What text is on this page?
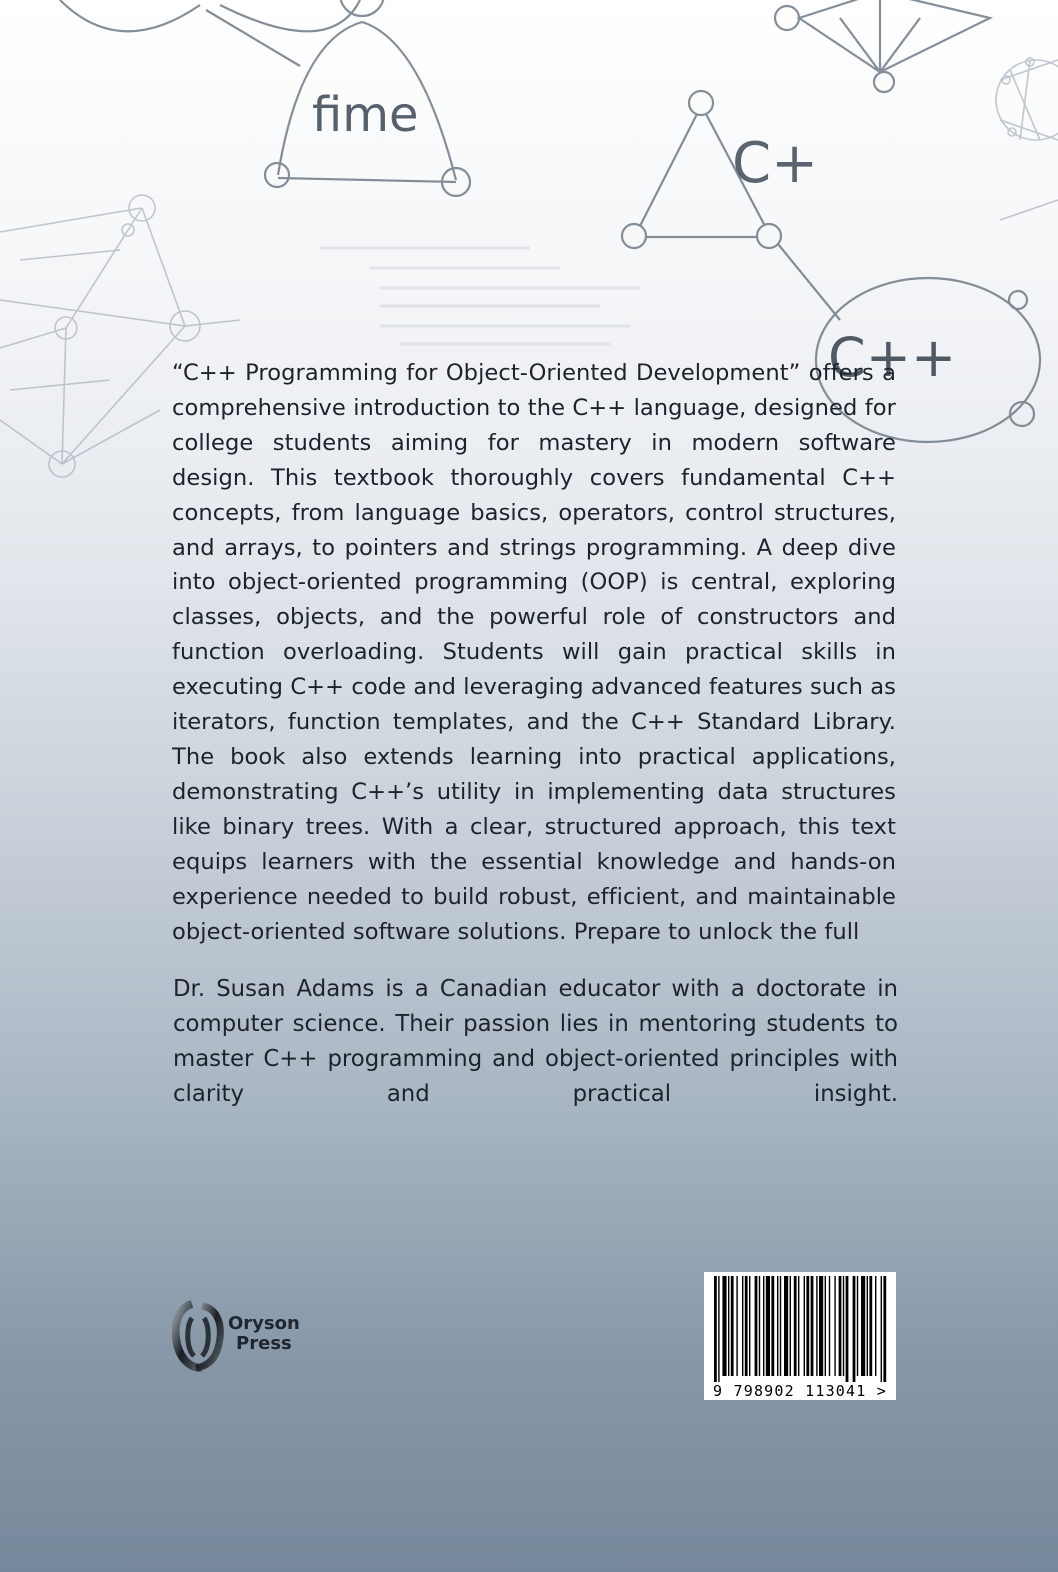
fime
C+
C++

“C++ Programming for Object-Oriented Development” offers a comprehensive introduction to the C++ language, designed for college students aiming for mastery in modern software design. This textbook thoroughly covers fundamental C++ concepts, from language basics, operators, control structures, and arrays, to pointers and strings programming. A deep dive into object-oriented programming (OOP) is central, exploring classes, objects, and the powerful role of constructors and function overloading. Students will gain practical skills in executing C++ code and leveraging advanced features such as iterators, function templates, and the C++ Standard Library. The book also extends learning into practical applications, demonstrating C++’s utility in implementing data structures like binary trees. With a clear, structured approach, this text equips learners with the essential knowledge and hands-on experience needed to build robust, efficient, and maintainable object-oriented software solutions. Prepare to unlock the full

Dr. Susan Adams is a Canadian educator with a doctorate in computer science. Their passion lies in mentoring students to master C++ programming and object-oriented principles with clarity and practical insight.

Oryson
Press
9 798902 113041 >
